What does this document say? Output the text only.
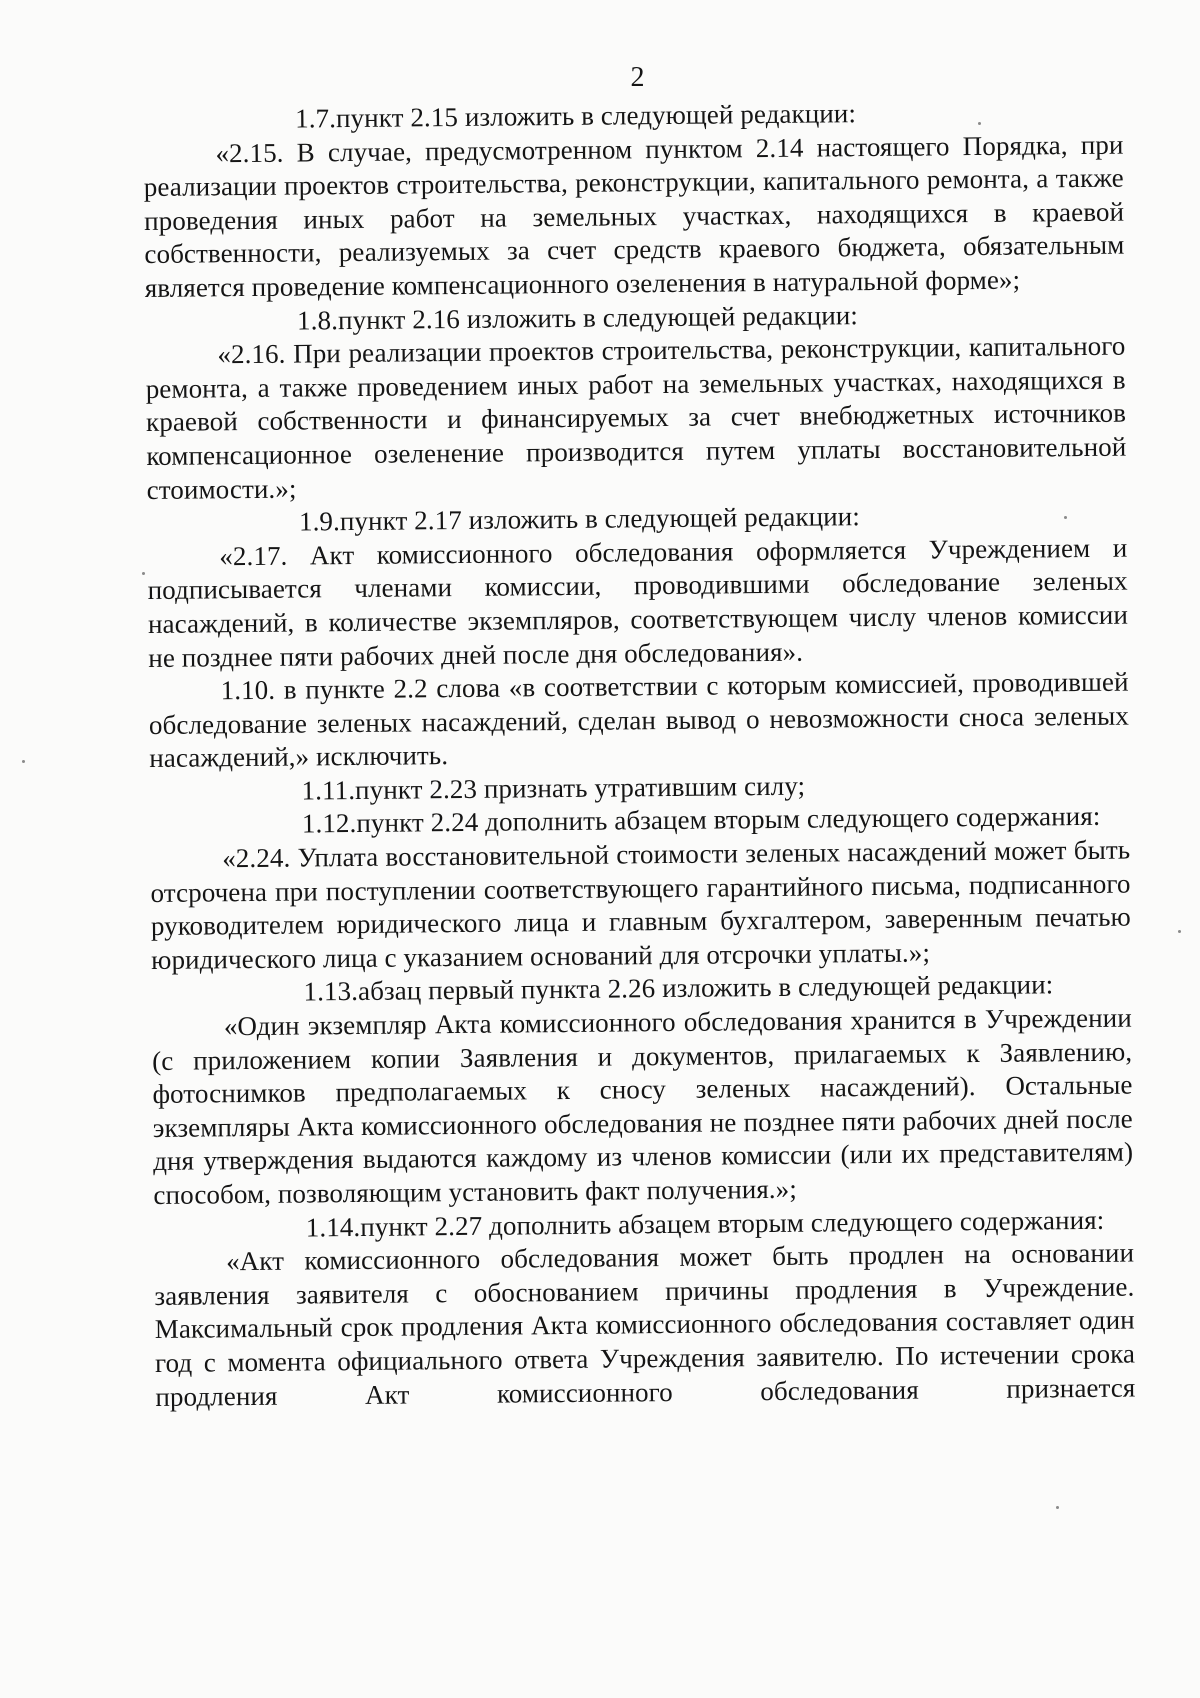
2

1.7.пункт 2.15 изложить в следующей редакции:

«2.15. В случае, предусмотренном пунктом 2.14 настоящего Порядка, при реализации проектов строительства, реконструкции, капитального ремонта, а также проведения иных работ на земельных участках, находящихся в краевой собственности, реализуемых за счет средств краевого бюджета, обязательным является проведение компенсационного озеленения в натуральной форме»;

1.8.пункт 2.16 изложить в следующей редакции:

«2.16. При реализации проектов строительства, реконструкции, капитального ремонта, а также проведением иных работ на земельных участках, находящихся в краевой собственности и финансируемых за счет внебюджетных источников компенсационное озеленение производится путем уплаты восстановительной стоимости.»;

1.9.пункт 2.17 изложить в следующей редакции:

«2.17. Акт комиссионного обследования оформляется Учреждением и подписывается членами комиссии, проводившими обследование зеленых насаждений, в количестве экземпляров, соответствующем числу членов комиссии не позднее пяти рабочих дней после дня обследования».

1.10. в пункте 2.2 слова «в соответствии с которым комиссией, проводившей обследование зеленых насаждений, сделан вывод о невозможности сноса зеленых насаждений,» исключить.

1.11.пункт 2.23 признать утратившим силу;

1.12.пункт 2.24 дополнить абзацем вторым следующего содержания:

«2.24. Уплата восстановительной стоимости зеленых насаждений может быть отсрочена при поступлении соответствующего гарантийного письма, подписанного руководителем юридического лица и главным бухгалтером, заверенным печатью юридического лица с указанием оснований для отсрочки уплаты.»;

1.13.абзац первый пункта 2.26 изложить в следующей редакции:

«Один экземпляр Акта комиссионного обследования хранится в Учреждении (с приложением копии Заявления и документов, прилагаемых к Заявлению, фотоснимков предполагаемых к сносу зеленых насаждений). Остальные экземпляры Акта комиссионного обследования не позднее пяти рабочих дней после дня утверждения выдаются каждому из членов комиссии (или их представителям) способом, позволяющим установить факт получения.»;

1.14.пункт 2.27 дополнить абзацем вторым следующего содержания:

«Акт комиссионного обследования может быть продлен на основании заявления заявителя с обоснованием причины продления в Учреждение. Максимальный срок продления Акта комиссионного обследования составляет один год с момента официального ответа Учреждения заявителю. По истечении срока продления Акт комиссионного обследования признается
